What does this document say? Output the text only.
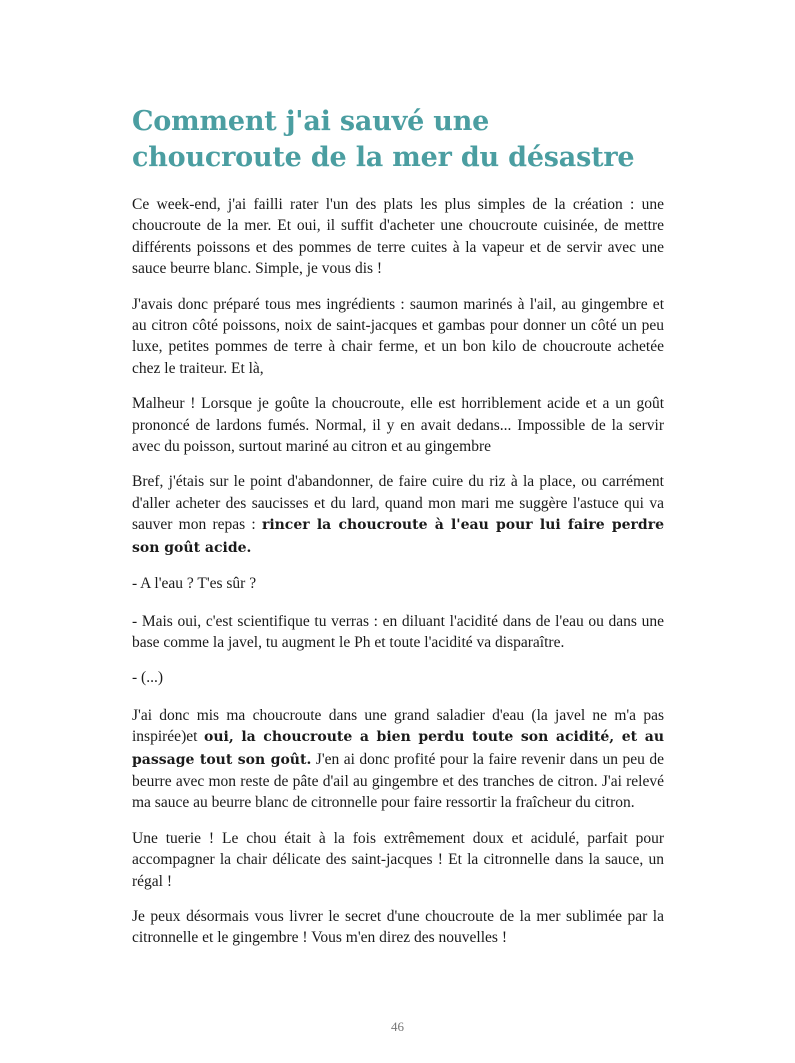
Comment j'ai sauvé une choucroute de la mer du désastre

Ce week-end, j'ai failli rater l'un des plats les plus simples de la création : une choucroute de la mer. Et oui, il suffit d'acheter une choucroute cuisinée, de mettre différents poissons et des pommes de terre cuites à la vapeur et de servir avec une sauce beurre blanc. Simple, je vous dis !

J'avais donc préparé tous mes ingrédients : saumon marinés à l'ail, au gingembre et au citron côté poissons, noix de saint-jacques et gambas pour donner un côté un peu luxe, petites pommes de terre à chair ferme, et un bon kilo de choucroute achetée chez le traiteur. Et là,

Malheur ! Lorsque je goûte la choucroute, elle est horriblement acide et a un goût prononcé de lardons fumés. Normal, il y en avait dedans... Impossible de la servir avec du poisson, surtout mariné au citron et au gingembre

Bref, j'étais sur le point d'abandonner, de faire cuire du riz à la place, ou carrément d'aller acheter des saucisses et du lard, quand mon mari me suggère l'astuce qui va sauver mon repas : rincer la choucroute à l'eau pour lui faire perdre son goût acide.

- A l'eau ? T'es sûr ?

- Mais oui, c'est scientifique tu verras : en diluant l'acidité dans de l'eau ou dans une base comme la javel, tu augment le Ph et toute l'acidité va disparaître.

- (...)

J'ai donc mis ma choucroute dans une grand saladier d'eau (la javel ne m'a pas inspirée)et oui, la choucroute a bien perdu toute son acidité, et au passage tout son goût. J'en ai donc profité pour la faire revenir dans un peu de beurre avec mon reste de pâte d'ail au gingembre et des tranches de citron. J'ai relevé ma sauce au beurre blanc de citronnelle pour faire ressortir la fraîcheur du citron.

Une tuerie ! Le chou était à la fois extrêmement doux et acidulé, parfait pour accompagner la chair délicate des saint-jacques ! Et la citronnelle dans la sauce, un régal !

Je peux désormais vous livrer le secret d'une choucroute de la mer sublimée par la citronnelle et le gingembre ! Vous m'en direz des nouvelles !

46
